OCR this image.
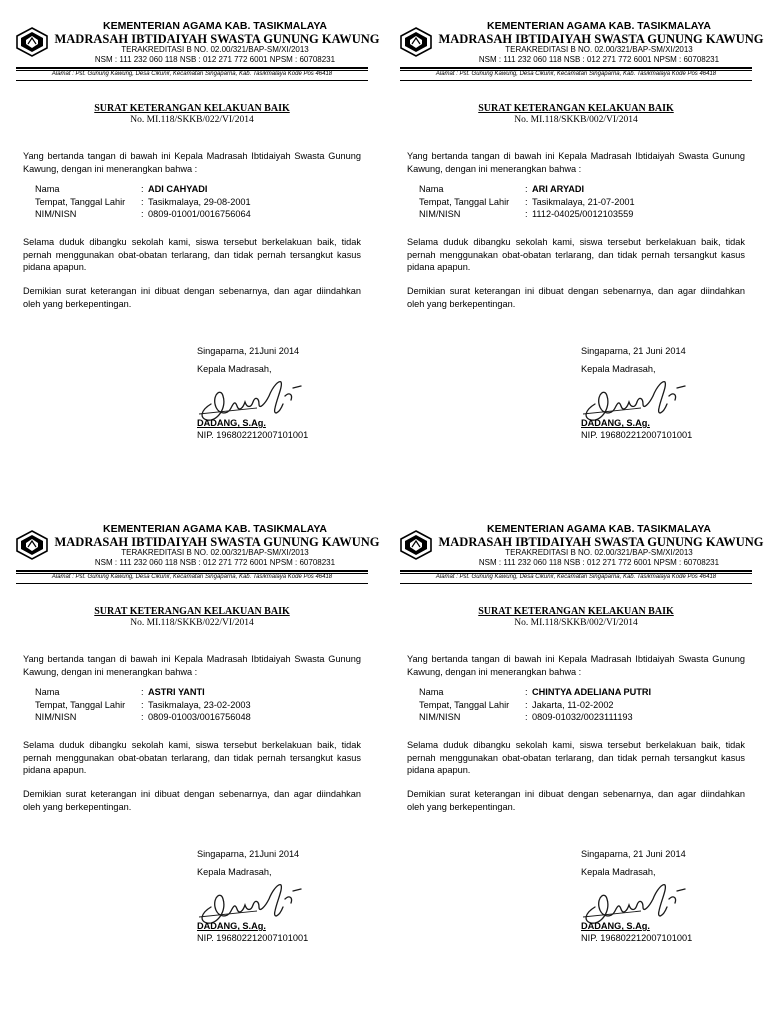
KEMENTERIAN AGAMA KAB. TASIKMALAYA
MADRASAH IBTIDAIYAH SWASTA GUNUNG KAWUNG
TERAKREDITASI B NO. 02.00/321/BAP-SM/XI/2013
NSM : 111 232 060 118 NSB : 012 271 772 6001 NPSM : 60708231
Alamat : Pst. Gunung Kawung, Desa Cikunir, Kecamatan Singaparna, Kab. Tasikmalaya Kode Pos 46418
SURAT KETERANGAN KELAKUAN BAIK
No. MI.118/SKKB/022/VI/2014
Yang bertanda tangan di bawah ini Kepala Madrasah Ibtidaiyah Swasta Gunung Kawung, dengan ini menerangkan bahwa :
Nama	: ADI CAHYADI
Tempat, Tanggal Lahir : Tasikmalaya, 29-08-2001
NIM/NISN	: 0809-01001/0016756064
Selama duduk dibangku sekolah kami, siswa tersebut berkelakuan baik, tidak pernah menggunakan obat-obatan terlarang, dan tidak pernah tersangkut kasus pidana apapun.
Demikian surat keterangan ini dibuat dengan sebenarnya, dan agar diindahkan oleh yang berkepentingan.
Singaparna, 21Juni 2014
Kepala Madrasah,
DADANG, S.Ag.
NIP. 196802212007101001
KEMENTERIAN AGAMA KAB. TASIKMALAYA
MADRASAH IBTIDAIYAH SWASTA GUNUNG KAWUNG
TERAKREDITASI B NO. 02.00/321/BAP-SM/XI/2013
NSM : 111 232 060 118 NSB : 012 271 772 6001 NPSM : 60708231
Alamat : Pst. Gunung Kawung, Desa Cikunir, Kecamatan Singaparna, Kab. Tasikmalaya Kode Pos 46418
SURAT KETERANGAN KELAKUAN BAIK
No. MI.118/SKKB/002/VI/2014
Yang bertanda tangan di bawah ini Kepala Madrasah Ibtidaiyah Swasta Gunung Kawung, dengan ini menerangkan bahwa :
Nama	: ARI ARYADI
Tempat, Tanggal Lahir : Tasikmalaya, 21-07-2001
NIM/NISN	: 1112-04025/0012103559
Selama duduk dibangku sekolah kami, siswa tersebut berkelakuan baik, tidak pernah menggunakan obat-obatan terlarang, dan tidak pernah tersangkut kasus pidana apapun.
Demikian surat keterangan ini dibuat dengan sebenarnya, dan agar diindahkan oleh yang berkepentingan.
Singaparna, 21 Juni 2014
Kepala Madrasah,
DADANG, S.Ag.
NIP. 196802212007101001
KEMENTERIAN AGAMA KAB. TASIKMALAYA
MADRASAH IBTIDAIYAH SWASTA GUNUNG KAWUNG
TERAKREDITASI B NO. 02.00/321/BAP-SM/XI/2013
NSM : 111 232 060 118 NSB : 012 271 772 6001 NPSM : 60708231
Alamat : Pst. Gunung Kawung, Desa Cikunir, Kecamatan Singaparna, Kab. Tasikmalaya Kode Pos 46418
SURAT KETERANGAN KELAKUAN BAIK
No. MI.118/SKKB/022/VI/2014
Yang bertanda tangan di bawah ini Kepala Madrasah Ibtidaiyah Swasta Gunung Kawung, dengan ini menerangkan bahwa :
Nama	: ASTRI YANTI
Tempat, Tanggal Lahir : Tasikmalaya, 23-02-2003
NIM/NISN	: 0809-01003/0016756048
Selama duduk dibangku sekolah kami, siswa tersebut berkelakuan baik, tidak pernah menggunakan obat-obatan terlarang, dan tidak pernah tersangkut kasus pidana apapun.
Demikian surat keterangan ini dibuat dengan sebenarnya, dan agar diindahkan oleh yang berkepentingan.
Singaparna, 21Juni 2014
Kepala Madrasah,
DADANG, S.Ag.
NIP. 196802212007101001
KEMENTERIAN AGAMA KAB. TASIKMALAYA
MADRASAH IBTIDAIYAH SWASTA GUNUNG KAWUNG
TERAKREDITASI B NO. 02.00/321/BAP-SM/XI/2013
NSM : 111 232 060 118 NSB : 012 271 772 6001 NPSM : 60708231
Alamat : Pst. Gunung Kawung, Desa Cikunir, Kecamatan Singaparna, Kab. Tasikmalaya Kode Pos 46418
SURAT KETERANGAN KELAKUAN BAIK
No. MI.118/SKKB/002/VI/2014
Yang bertanda tangan di bawah ini Kepala Madrasah Ibtidaiyah Swasta Gunung Kawung, dengan ini menerangkan bahwa :
Nama	: CHINTYA ADELIANA PUTRI
Tempat, Tanggal Lahir : Jakarta, 11-02-2002
NIM/NISN	: 0809-01032/0023111193
Selama duduk dibangku sekolah kami, siswa tersebut berkelakuan baik, tidak pernah menggunakan obat-obatan terlarang, dan tidak pernah tersangkut kasus pidana apapun.
Demikian surat keterangan ini dibuat dengan sebenarnya, dan agar diindahkan oleh yang berkepentingan.
Singaparna, 21 Juni 2014
Kepala Madrasah,
DADANG, S.Ag.
NIP. 196802212007101001
